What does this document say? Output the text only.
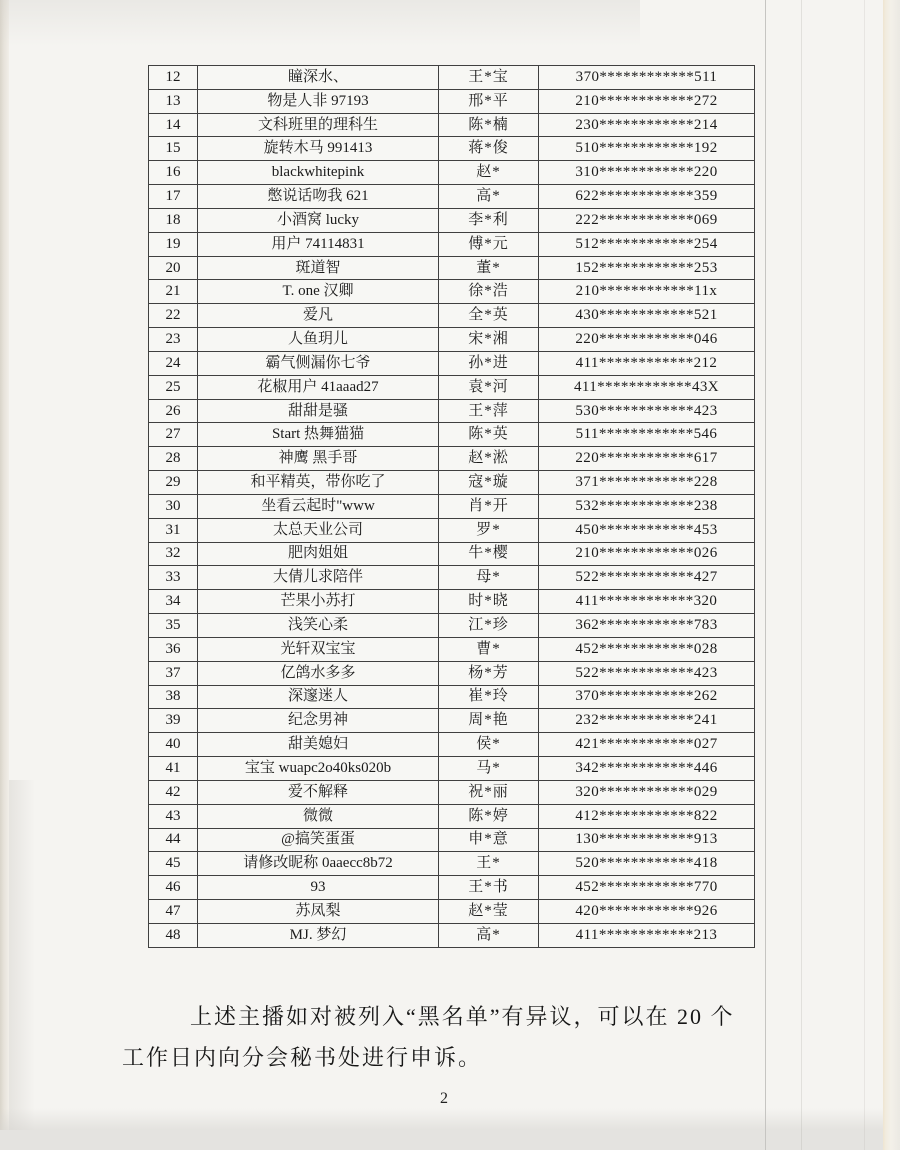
12	瞳深水、	王*宝	370************511
13	物是人非 97193	邢*平	210************272
14	文科班里的理科生	陈*楠	230************214
15	旋转木马 991413	蒋*俊	510************192
16	blackwhitepink	赵*	310************220
17	憋说话吻我 621	高*	622************359
18	小酒窝 lucky	李*利	222************069
19	用户 74114831	傅*元	512************254
20	斑道智	董*	152************253
21	T. one 汉卿	徐*浩	210************11x
22	爱凡	全*英	430************521
23	人鱼玥儿	宋*湘	220************046
24	霸气侧漏你七爷	孙*进	411************212
25	花椒用户 41aaad27	袁*河	411************43X
26	甜甜是骚	王*萍	530************423
27	Start 热舞猫猫	陈*英	511************546
28	神鹰 黑手哥	赵*淞	220************617
29	和平精英，带你吃了	寇*璇	371************228
30	坐看云起时"www	肖*开	532************238
31	太总天业公司	罗*	450************453
32	肥肉姐姐	牛*樱	210************026
33	大倩儿求陪伴	母*	522************427
34	芒果小苏打	时*晓	411************320
35	浅笑心柔	江*珍	362************783
36	光轩双宝宝	曹*	452************028
37	亿鸽水多多	杨*芳	522************423
38	深邃迷人	崔*玲	370************262
39	纪念男神	周*艳	232************241
40	甜美媳妇	侯*	421************027
41	宝宝 wuapc2o40ks020b	马*	342************446
42	爱不解释	祝*丽	320************029
43	微微	陈*婷	412************822
44	@搞笑蛋蛋	申*意	130************913
45	请修改昵称 0aaecc8b72	王*	520************418
46	93	王*书	452************770
47	苏凤梨	赵*莹	420************926
48	MJ. 梦幻	高*	411************213
上述主播如对被列入“黑名单”有异议，可以在 20 个
工作日内向分会秘书处进行申诉。
2
